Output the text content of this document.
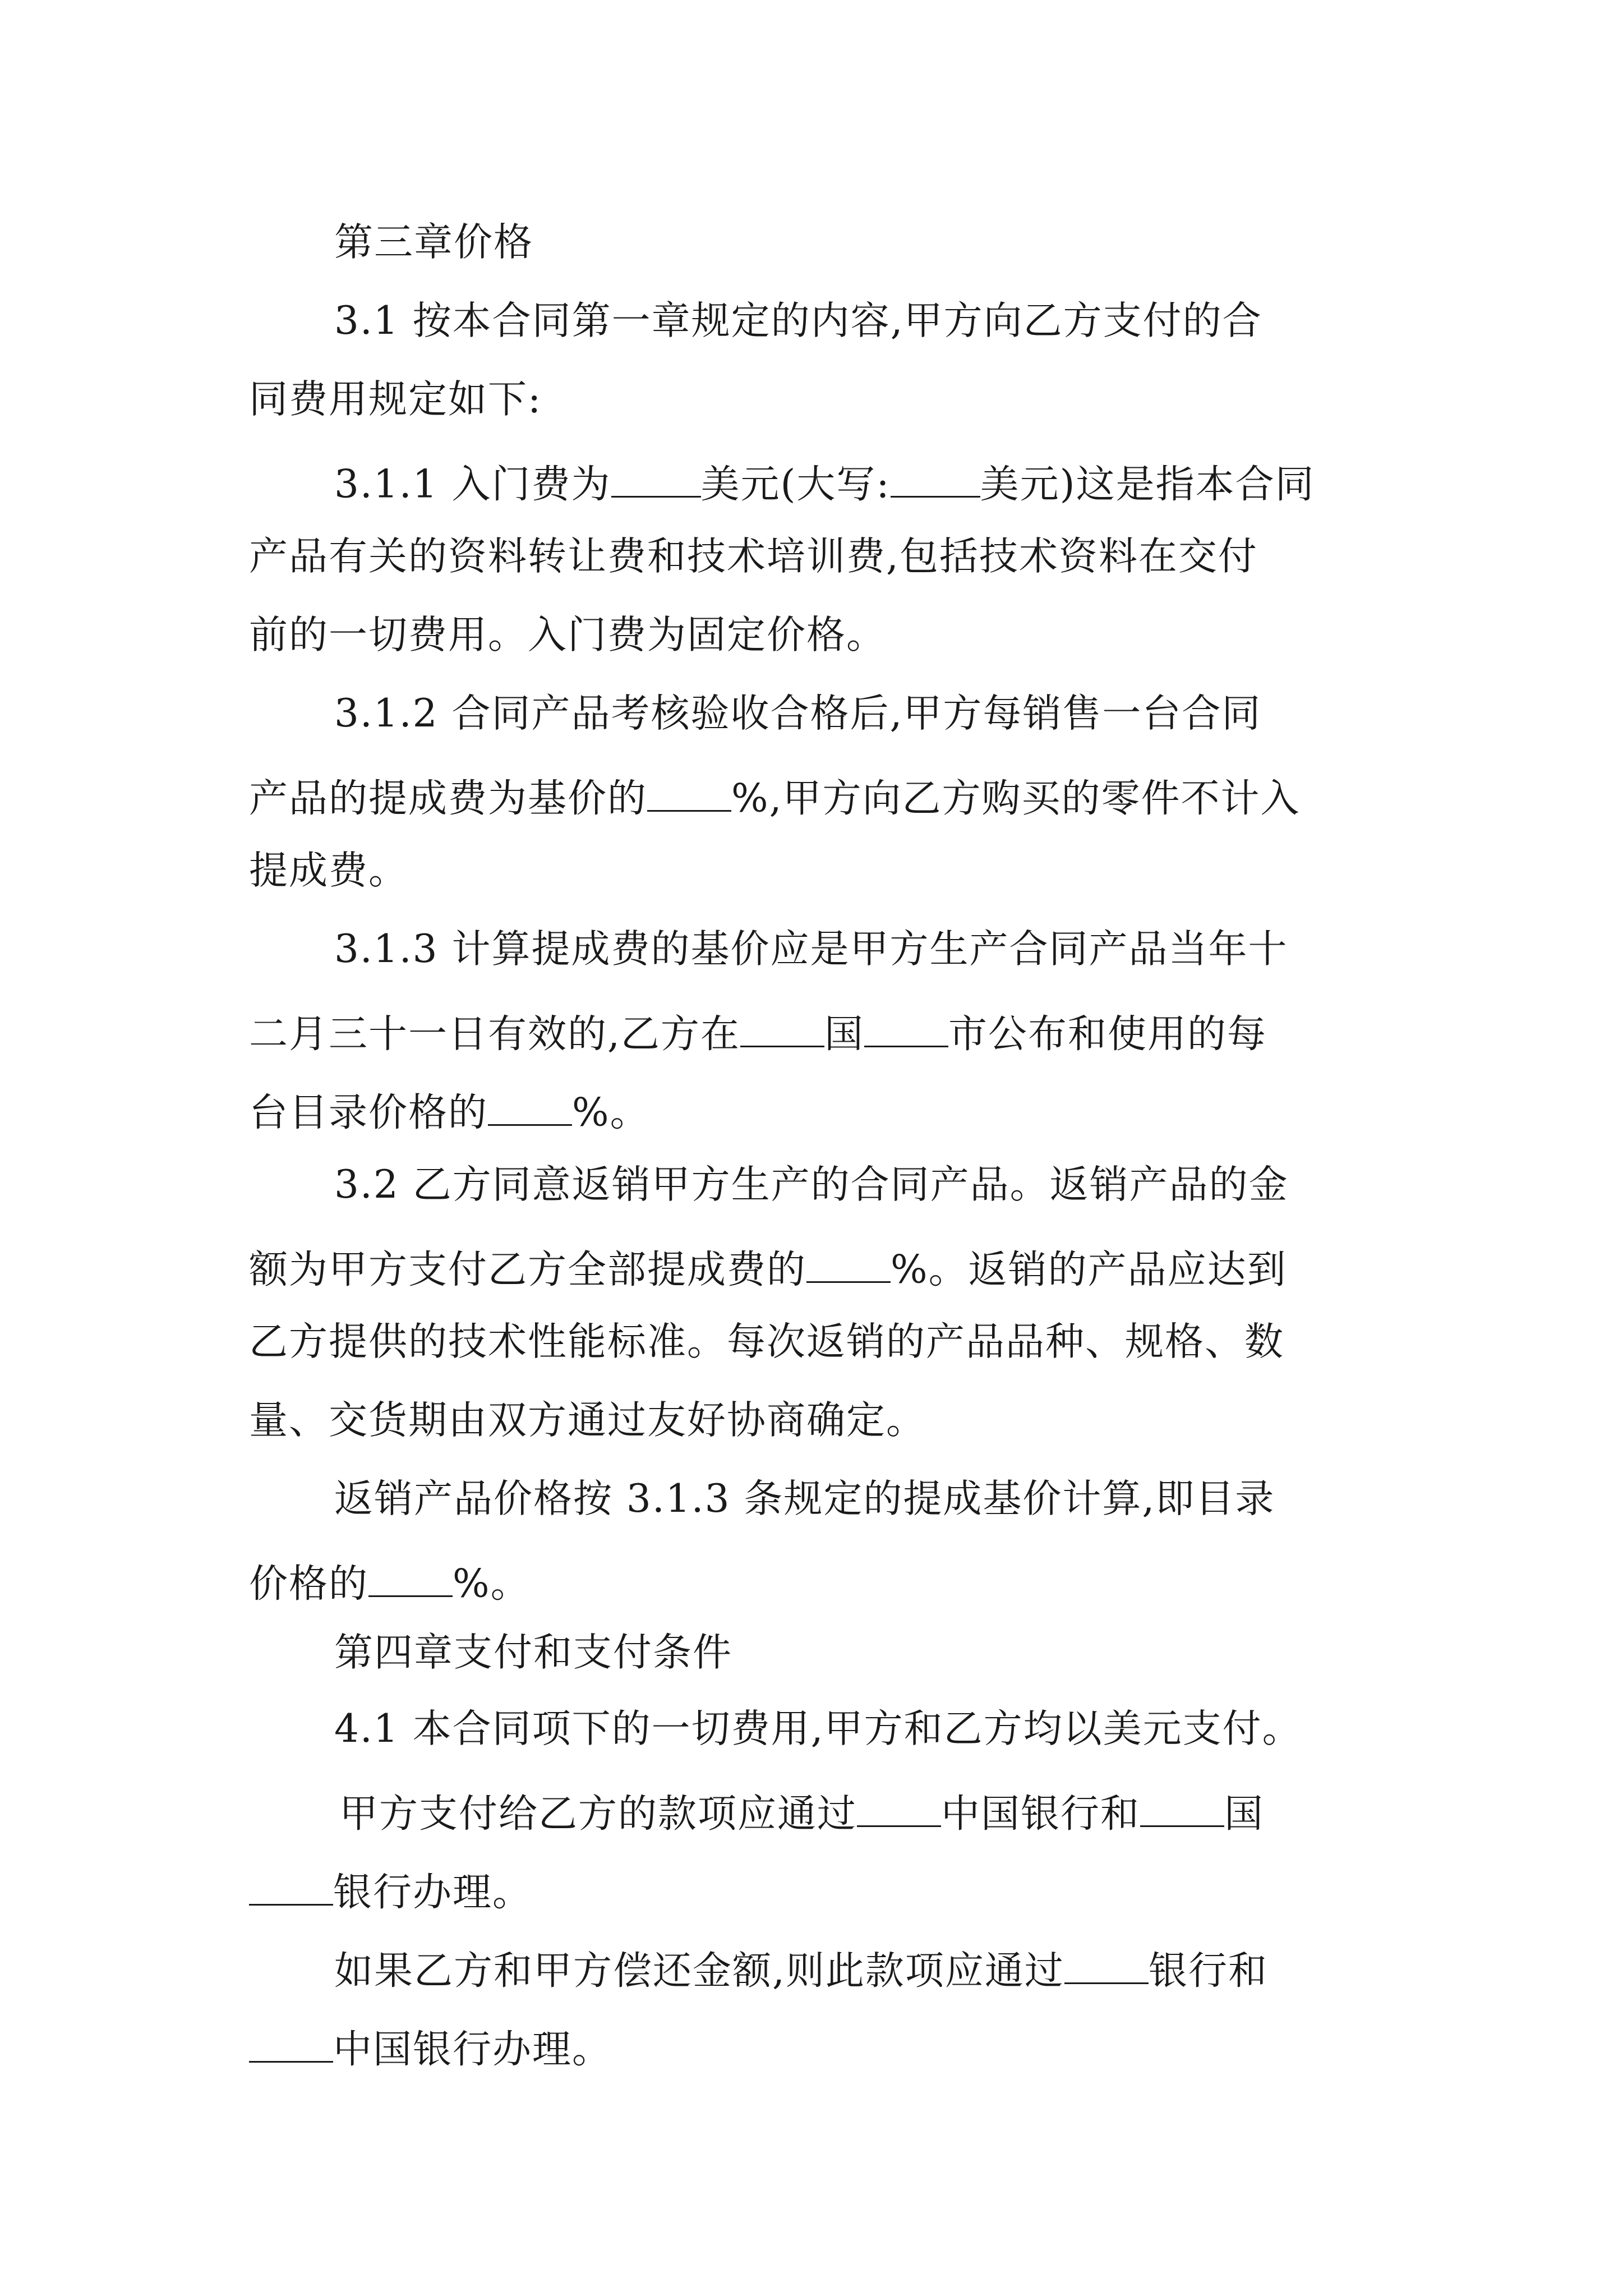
第三章价格
3.1 按本合同第一章规定的内容,甲方向乙方支付的合
同费用规定如下:
3.1.1 入门费为 美元(大写: 美元)这是指本合同
产品有关的资料转让费和技术培训费,包括技术资料在交付
前的一切费用。入门费为固定价格。
3.1.2 合同产品考核验收合格后,甲方每销售一台合同
产品的提成费为基价的 %,甲方向乙方购买的零件不计入
提成费。
3.1.3 计算提成费的基价应是甲方生产合同产品当年十
二月三十一日有效的,乙方在 国 市公布和使用的每
台目录价格的 %。
3.2 乙方同意返销甲方生产的合同产品。返销产品的金
额为甲方支付乙方全部提成费的 %。返销的产品应达到
乙方提供的技术性能标准。每次返销的产品品种、规格、数
量、交货期由双方通过友好协商确定。
返销产品价格按 3.1.3 条规定的提成基价计算,即目录
价格的 %。
第四章支付和支付条件
4.1 本合同项下的一切费用,甲方和乙方均以美元支付。
甲方支付给乙方的款项应通过 中国银行和 国
银行办理。
如果乙方和甲方偿还金额,则此款项应通过 银行和
中国银行办理。
